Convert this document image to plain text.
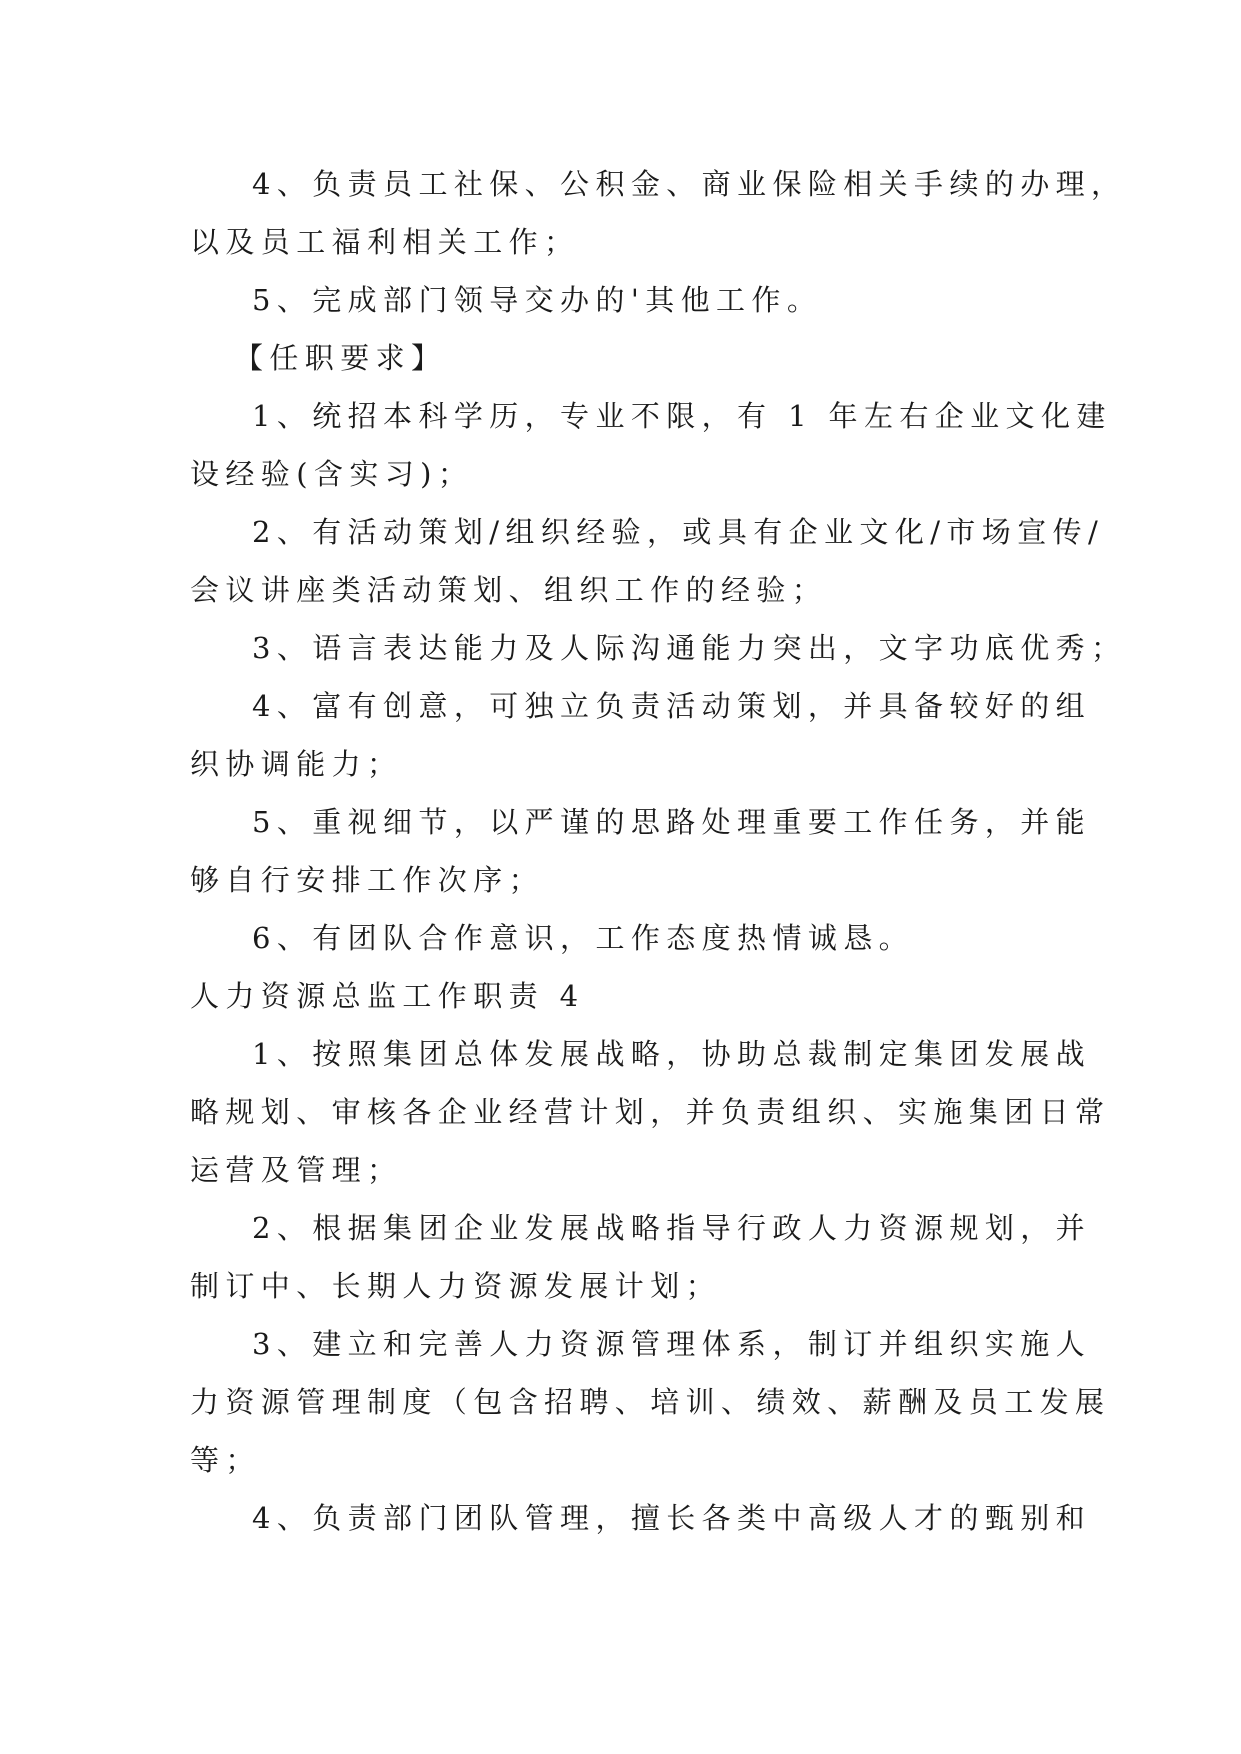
4、负责员工社保、公积金、商业保险相关手续的办理，
以及员工福利相关工作；
5、完成部门领导交办的'其他工作。
【任职要求】
1、统招本科学历，专业不限，有 1 年左右企业文化建
设经验(含实习)；
2、有活动策划/组织经验，或具有企业文化/市场宣传/
会议讲座类活动策划、组织工作的经验；
3、语言表达能力及人际沟通能力突出，文字功底优秀；
4、富有创意，可独立负责活动策划，并具备较好的组
织协调能力；
5、重视细节，以严谨的思路处理重要工作任务，并能
够自行安排工作次序；
6、有团队合作意识，工作态度热情诚恳。
人力资源总监工作职责 4
1、按照集团总体发展战略，协助总裁制定集团发展战
略规划、审核各企业经营计划，并负责组织、实施集团日常
运营及管理；
2、根据集团企业发展战略指导行政人力资源规划，并
制订中、长期人力资源发展计划；
3、建立和完善人力资源管理体系，制订并组织实施人
力资源管理制度（包含招聘、培训、绩效、薪酬及员工发展
等；
4、负责部门团队管理，擅长各类中高级人才的甄别和
